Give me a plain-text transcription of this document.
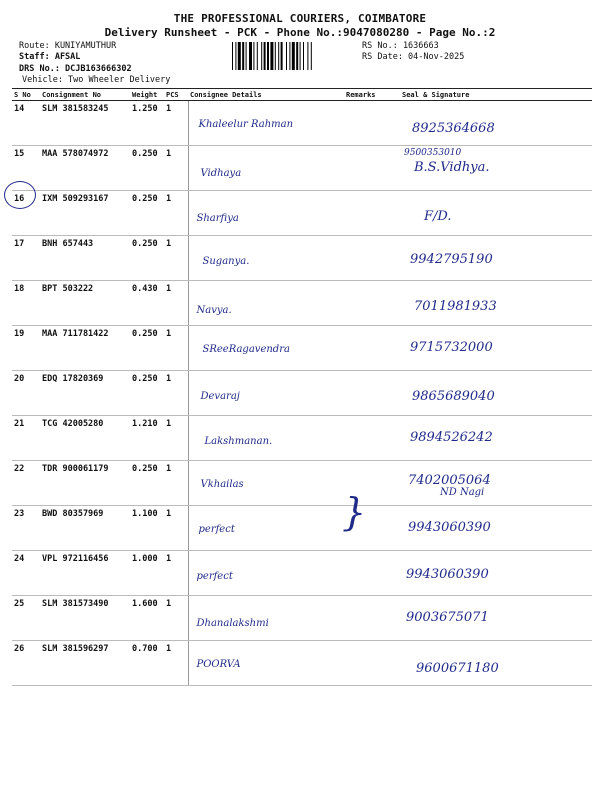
THE PROFESSIONAL COURIERS, COIMBATORE
Delivery Runsheet - PCK - Phone No.:9047080280 - Page No.:2
Route: KUNIYAMUTHUR
Staff: AFSAL
DRS No.: DCJB163666302
Vehicle: Two Wheeler Delivery
RS No.: 1636663
RS Date: 04-Nov-2025
S No	Consignment No	Weight	PCS	Consignee Details	Remarks	Seal & Signature
14	SLM 381583245	1.250	1	Khaleelur Rahman		8925364668

15	MAA 578074972	0.250	1	Vidhaya		B.S.Vidhya.
9500353010

16	IXM 509293167	0.250	1	Sharfiya		F/D.

17	BNH 657443	0.250	1	Suganya.		9942795190

18	BPT 503222	0.430	1	Navya.		7011981933

19	MAA 711781422	0.250	1	SReeRagavendra		9715732000

20	EDQ 17820369	0.250	1	Devaraj		9865689040

21	TCG 42005280	1.210	1	Lakshmanan.		9894526242

22	TDR 900061179	0.250	1	Vkhailas		7402005064
ND Nagi

23	BWD 80357969	1.100	1	perfect		9943060390

24	VPL 972116456	1.000	1	perfect		9943060390

25	SLM 381573490	1.600	1	Dhanalakshmi		9003675071

26	SLM 381596297	0.700	1	POORVA		9600671180
}
